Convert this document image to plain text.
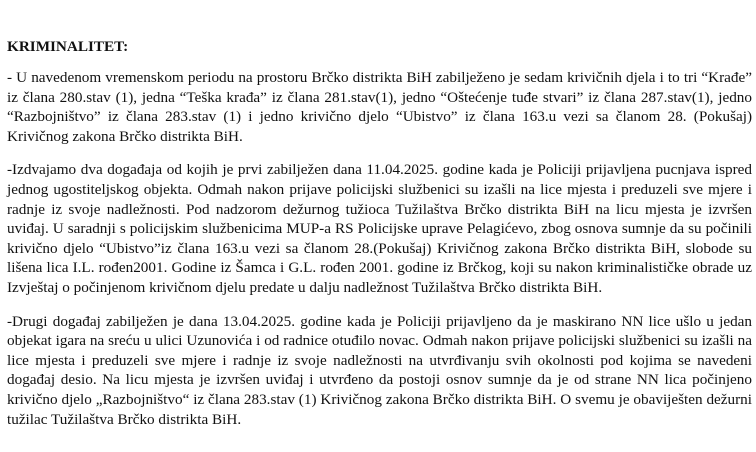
KRIMINALITET:

- U navedenom vremenskom periodu na prostoru Brčko distrikta BiH zabilježeno je sedam krivičnih djela i to tri “Krađe” iz člana 280.stav (1), jedna “Teška krađa” iz člana 281.stav(1), jedno “Oštećenje tuđe stvari” iz člana 287.stav(1), jedno “Razbojništvo” iz člana 283.stav (1) i jedno krivično djelo “Ubistvo” iz člana 163.u vezi sa članom 28. (Pokušaj) Krivičnog zakona Brčko distrikta BiH.

-Izdvajamo dva događaja od kojih je prvi zabilježen dana 11.04.2025. godine kada je Policiji prijavljena pucnjava ispred jednog ugostiteljskog objekta. Odmah nakon prijave policijski službenici su izašli na lice mjesta i preduzeli sve mjere i radnje iz svoje nadležnosti. Pod nadzorom dežurnog tužioca Tužilaštva Brčko distrikta BiH na licu mjesta je izvršen uviđaj. U saradnji s policijskim službenicima MUP-a RS Policijske uprave Pelagićevo, zbog osnova sumnje da su počinili krivično djelo “Ubistvo”iz člana 163.u vezi sa članom 28.(Pokušaj) Krivičnog zakona Brčko distrikta BiH, slobode su lišena lica I.L. rođen2001. Godine iz Šamca i G.L. rođen 2001. godine iz Brčkog, koji su nakon kriminalističke obrade uz Izvještaj o počinjenom krivičnom djelu predate u dalju nadležnost Tužilaštva Brčko distrikta BiH.

-Drugi događaj zabilježen je dana 13.04.2025. godine kada je Policiji prijavljeno da je maskirano NN lice ušlo u jedan objekat igara na sreću u ulici Uzunovića i od radnice otuđilo novac. Odmah nakon prijave policijski službenici su izašli na lice mjesta i preduzeli sve mjere i radnje iz svoje nadležnosti na utvrđivanju svih okolnosti pod kojima se navedeni događaj desio. Na licu mjesta je izvršen uviđaj i utvrđeno da postoji osnov sumnje da je od strane NN lica počinjeno krivično djelo „Razbojništvo“ iz člana 283.stav (1) Krivičnog zakona Brčko distrikta BiH. O svemu je obaviješten dežurni tužilac Tužilaštva Brčko distrikta BiH.
